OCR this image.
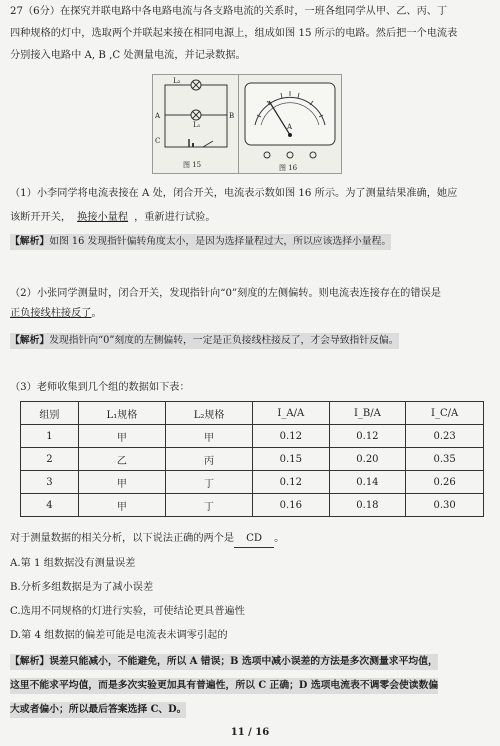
27（6分）在探究并联电路中各电路电流与各支路电流的关系时，一班各组同学从甲、乙、丙、丁
四种规格的灯中，选取两个并联起来接在相同电源上，组成如图 15 所示的电路。然后把一个电流表
分别接入电路中 A, B ,C 处测量电流，并记录数据。
L₂
L₁
A	B
C
图 15
A
图 16
（1）小李同学将电流表接在 A 处，闭合开关，电流表示数如图 16 所示。为了测量结果准确，她应
该断开开关， 换接小量程 ，重新进行试验。
【解析】如图 16 发现指针偏转角度太小，是因为选择量程过大，所以应该选择小量程。
（2）小张同学测量时，闭合开关，发现指针向“0”刻度的左侧偏转。则电流表连接存在的错误是
正负接线柱接反了。
【解析】发现指针向“0”刻度的左侧偏转，一定是正负接线柱接反了，才会导致指针反偏。
（3）老师收集到几个组的数据如下表：
组别	L₁规格	L₂规格	I_A/A	I_B/A	I_C/A
1	甲	甲	0.12	0.12	0.23
2	乙	丙	0.15	0.20	0.35
3	甲	丁	0.12	0.14	0.26
4	甲	丁	0.16	0.18	0.30
对于测量数据的相关分析，以下说法正确的两个是 CD 。
A.第 1 组数据没有测量误差
B.分析多组数据是为了减小误差
C.选用不同规格的灯进行实验，可使结论更具普遍性
D.第 4 组数据的偏差可能是电流表未调零引起的
【解析】误差只能减小，不能避免，所以 A 错误；B 选项中减小误差的方法是多次测量求平均值，
这里不能求平均值，而是多次实验更加具有普遍性，所以 C 正确；D 选项电流表不调零会使读数偏
大或者偏小；所以最后答案选择 C、D。
11 / 16
